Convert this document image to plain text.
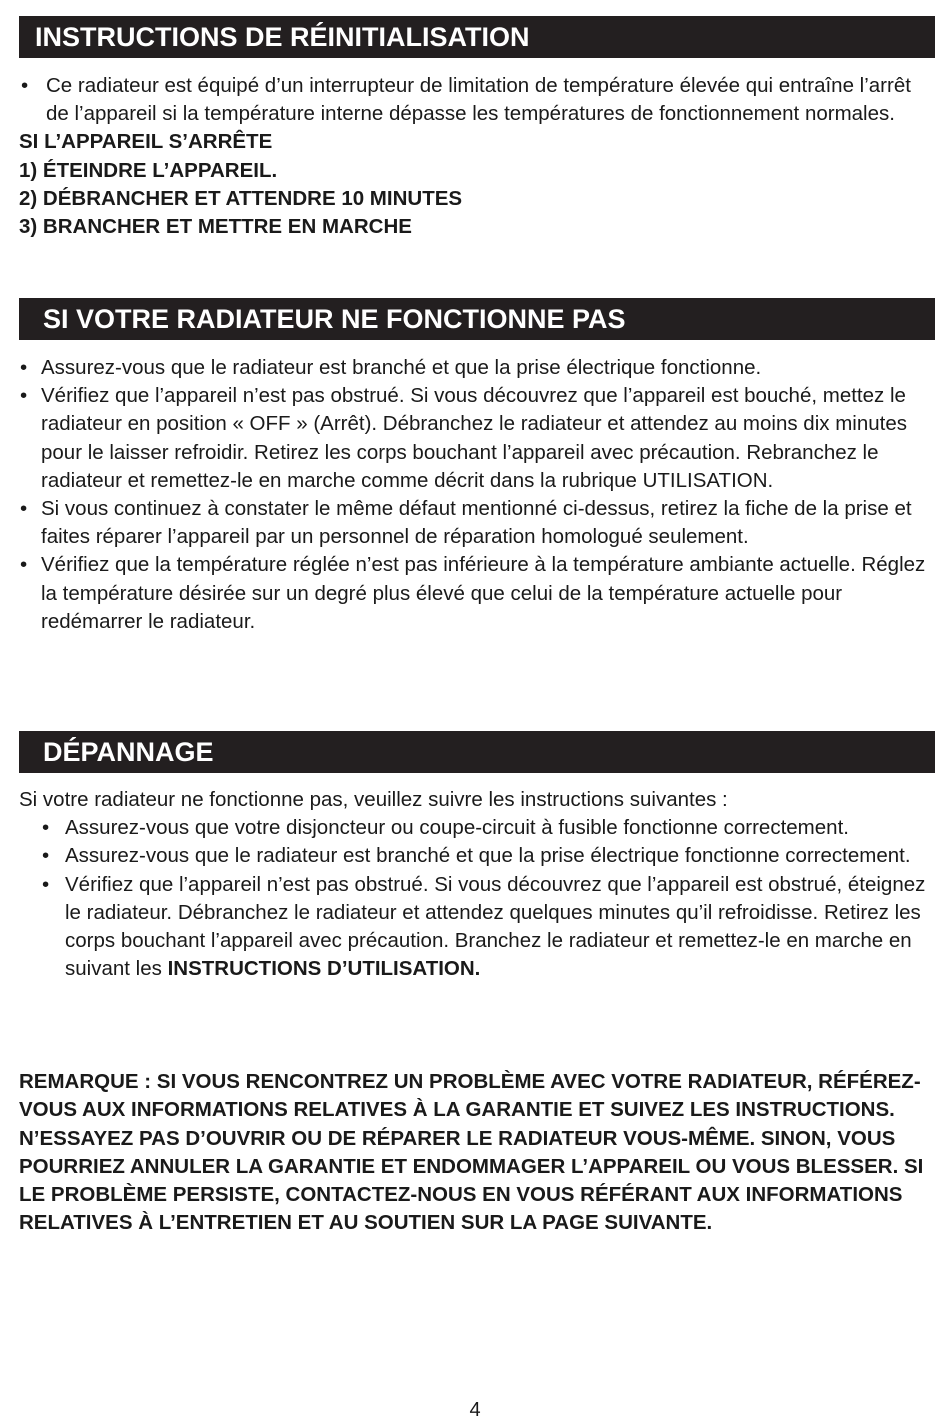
INSTRUCTIONS DE RÉINITIALISATION
• Ce radiateur est équipé d’un interrupteur de limitation de température élevée qui entraîne l’arrêt de l’appareil si la température interne dépasse les températures de fonctionnement normales.
SI L’APPAREIL S’ARRÊTE
1) ÉTEINDRE L’APPAREIL.
2) DÉBRANCHER ET ATTENDRE 10 MINUTES
3) BRANCHER ET METTRE EN MARCHE
SI VOTRE RADIATEUR NE FONCTIONNE PAS
• Assurez-vous que le radiateur est branché et que la prise électrique fonctionne.
• Vérifiez que l’appareil n’est pas obstrué. Si vous découvrez que l’appareil est bouché, mettez le radiateur en position « OFF » (Arrêt). Débranchez le radiateur et attendez au moins dix minutes pour le laisser refroidir. Retirez les corps bouchant l’appareil avec précaution. Rebranchez le radiateur et remettez-le en marche comme décrit dans la rubrique UTILISATION.
• Si vous continuez à constater le même défaut mentionné ci-dessus, retirez la fiche de la prise et faites réparer l’appareil par un personnel de réparation homologué seulement.
• Vérifiez que la température réglée n’est pas inférieure à la température ambiante actuelle. Réglez la température désirée sur un degré plus élevé que celui de la température actuelle pour redémarrer le radiateur.
DÉPANNAGE
Si votre radiateur ne fonctionne pas, veuillez suivre les instructions suivantes :
• Assurez-vous que votre disjoncteur ou coupe-circuit à fusible fonctionne correctement.
• Assurez-vous que le radiateur est branché et que la prise électrique fonctionne correctement.
• Vérifiez que l’appareil n’est pas obstrué. Si vous découvrez que l’appareil est obstrué, éteignez le radiateur. Débranchez le radiateur et attendez quelques minutes qu’il refroidisse. Retirez les corps bouchant l’appareil avec précaution. Branchez le radiateur et remettez-le en marche en suivant les INSTRUCTIONS D’UTILISATION.
REMARQUE : SI VOUS RENCONTREZ UN PROBLÈME AVEC VOTRE RADIATEUR, RÉFÉREZ-VOUS AUX INFORMATIONS RELATIVES À LA GARANTIE ET SUIVEZ LES INSTRUCTIONS. N’ESSAYEZ PAS D’OUVRIR OU DE RÉPARER LE RADIATEUR VOUS-MÊME. SINON, VOUS POURRIEZ ANNULER LA GARANTIE ET ENDOMMAGER L’APPAREIL OU VOUS BLESSER. SI LE PROBLÈME PERSISTE, CONTACTEZ-NOUS EN VOUS RÉFÉRANT AUX INFORMATIONS RELATIVES À L’ENTRETIEN ET AU SOUTIEN SUR LA PAGE SUIVANTE.
4
